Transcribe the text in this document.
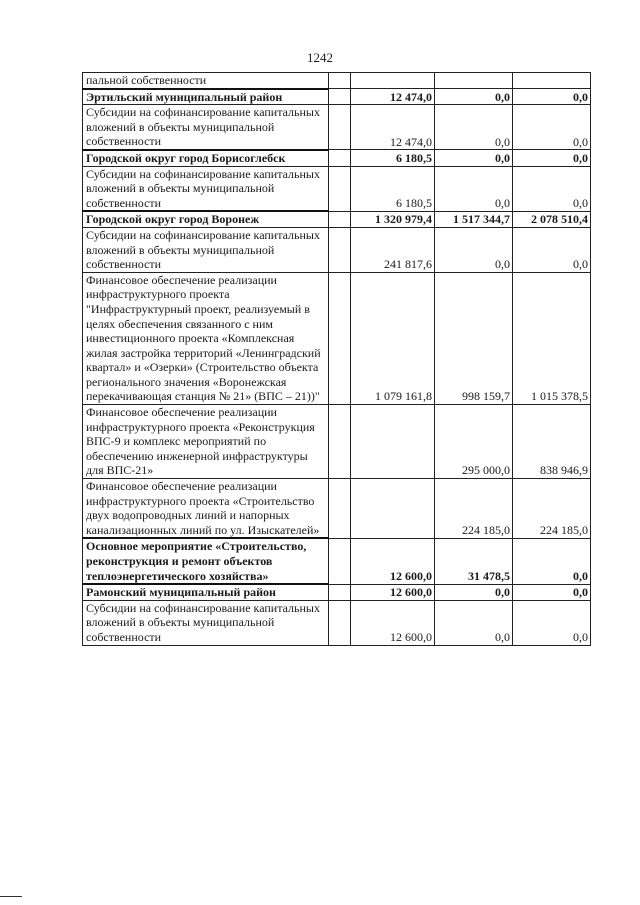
1242
пальной собственности				
Эртильский муниципальный район		12 474,0	0,0	0,0
Субсидии на софинансирование капитальных вложений в объекты муниципальной собственности		12 474,0	0,0	0,0
Городской округ город Борисоглебск		6 180,5	0,0	0,0
Субсидии на софинансирование капитальных вложений в объекты муниципальной собственности		6 180,5	0,0	0,0
Городской округ город Воронеж		1 320 979,4	1 517 344,7	2 078 510,4
Субсидии на софинансирование капитальных вложений в объекты муниципальной собственности		241 817,6	0,0	0,0
Финансовое обеспечение реализации инфраструктурного проекта "Инфраструктурный проект, реализуемый в целях обеспечения связанного с ним инвестиционного проекта «Комплексная жилая застройка территорий «Ленинградский квартал» и «Озерки» (Строительство объекта регионального значения «Воронежская перекачивающая станция № 21» (ВПС – 21))"		1 079 161,8	998 159,7	1 015 378,5
Финансовое обеспечение реализации инфраструктурного проекта «Реконструкция ВПС-9 и комплекс мероприятий по обеспечению инженерной инфраструктуры для ВПС-21»			295 000,0	838 946,9
Финансовое обеспечение реализации инфраструктурного проекта «Строительство двух водопроводных линий и напорных канализационных линий по ул. Изыскателей»			224 185,0	224 185,0
Основное мероприятие «Строительство, реконструкция и ремонт объектов теплоэнергетического хозяйства»		12 600,0	31 478,5	0,0
Рамонский муниципальный район		12 600,0	0,0	0,0
Субсидии на софинансирование капитальных вложений в объекты муниципальной собственности		12 600,0	0,0	0,0
